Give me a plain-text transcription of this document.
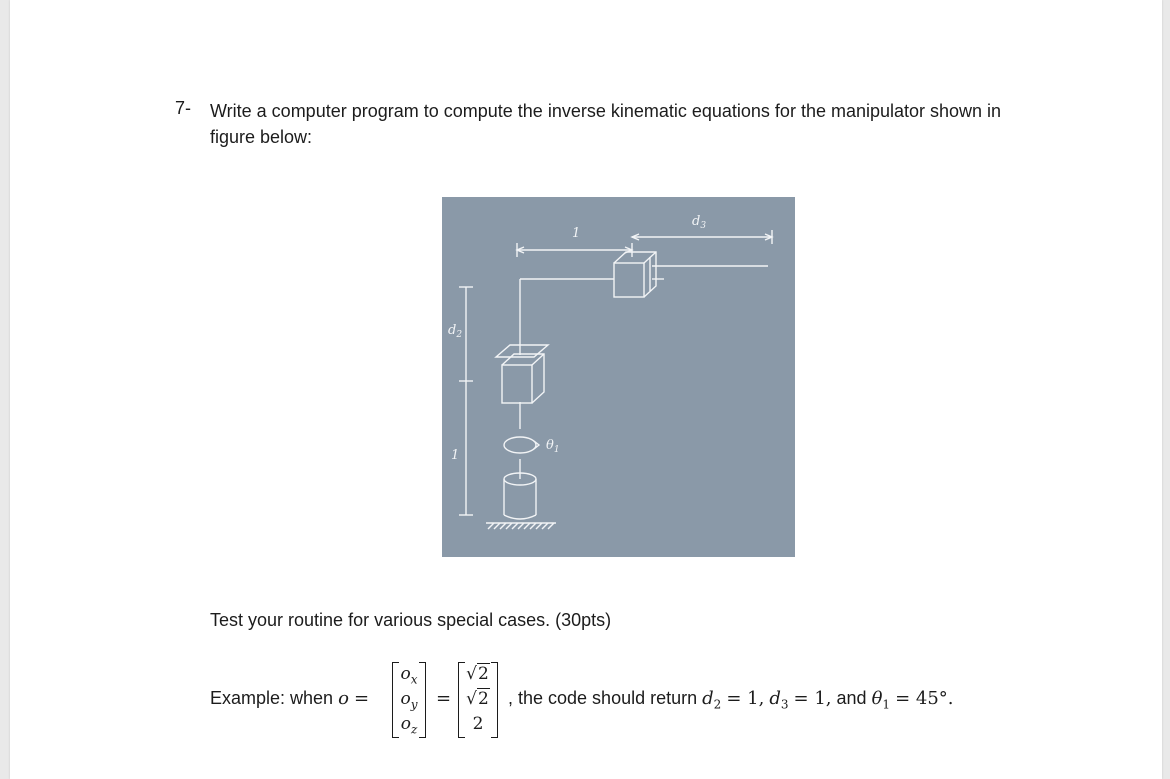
7- Write a computer program to compute the inverse kinematic equations for the manipulator shown in figure below:
1
$d_3$
$d_2$
1
$\theta_1$
Test your routine for various special cases. (30pts)
Example: when o =
$o_x$
$o_y$
$o_z$
=
√2
√2
2
, the code should return $d_2 = 1$, $d_3 = 1$, and $\theta_1 = 45^\circ$.
